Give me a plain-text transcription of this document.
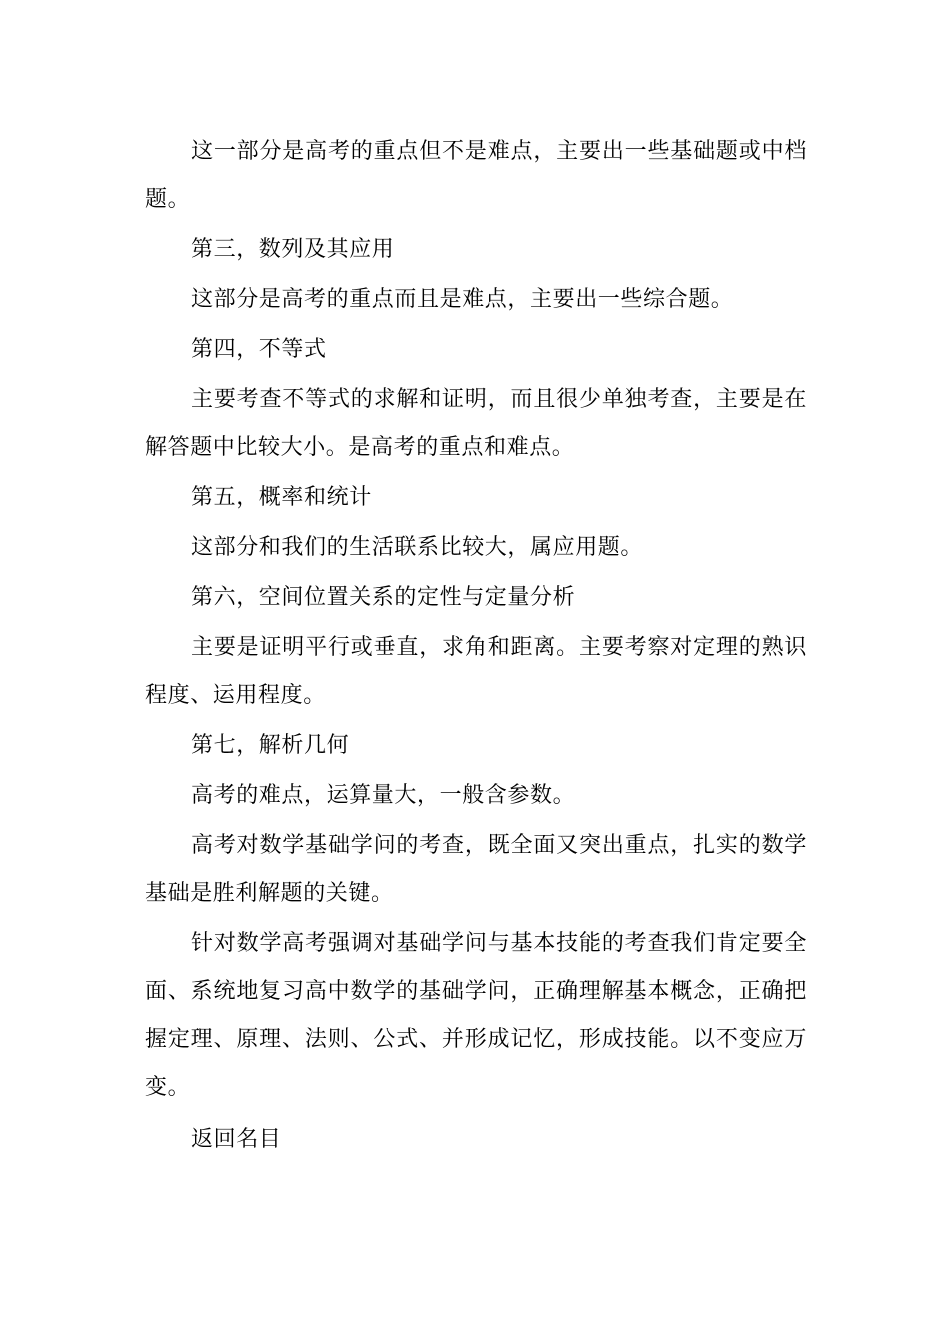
这一部分是高考的重点但不是难点，主要出一些基础题或中档题。

第三，数列及其应用

这部分是高考的重点而且是难点，主要出一些综合题。

第四，不等式

主要考查不等式的求解和证明，而且很少单独考查，主要是在解答题中比较大小。是高考的重点和难点。

第五，概率和统计

这部分和我们的生活联系比较大，属应用题。

第六，空间位置关系的定性与定量分析

主要是证明平行或垂直，求角和距离。主要考察对定理的熟识程度、运用程度。

第七，解析几何

高考的难点，运算量大，一般含参数。

高考对数学基础学问的考查，既全面又突出重点，扎实的数学基础是胜利解题的关键。

针对数学高考强调对基础学问与基本技能的考查我们肯定要全面、系统地复习高中数学的基础学问，正确理解基本概念，正确把握定理、原理、法则、公式、并形成记忆，形成技能。以不变应万变。

返回名目
